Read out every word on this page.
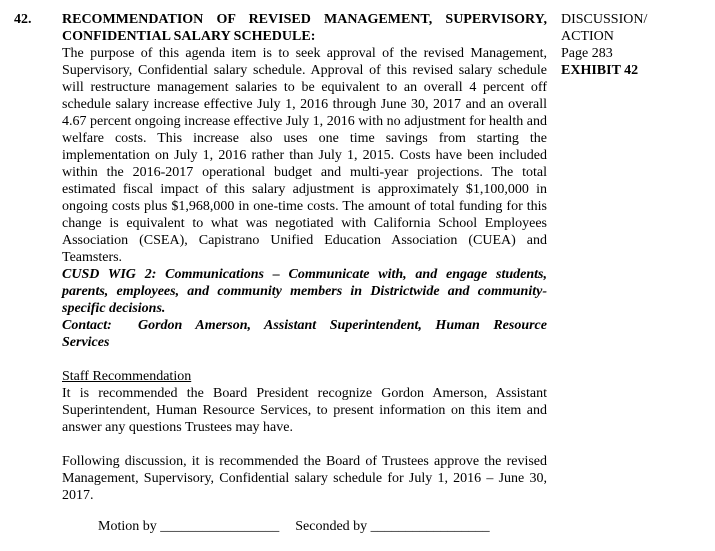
42. RECOMMENDATION OF REVISED MANAGEMENT, SUPERVISORY, CONFIDENTIAL SALARY SCHEDULE:

The purpose of this agenda item is to seek approval of the revised Management, Supervisory, Confidential salary schedule. Approval of this revised salary schedule will restructure management salaries to be equivalent to an overall 4 percent off schedule salary increase effective July 1, 2016 through June 30, 2017 and an overall 4.67 percent ongoing increase effective July 1, 2016 with no adjustment for health and welfare costs. This increase also uses one time savings from starting the implementation on July 1, 2016 rather than July 1, 2015. Costs have been included within the 2016-2017 operational budget and multi-year projections. The total estimated fiscal impact of this salary adjustment is approximately $1,100,000 in ongoing costs plus $1,968,000 in one-time costs. The amount of total funding for this change is equivalent to what was negotiated with California School Employees Association (CSEA), Capistrano Unified Education Association (CUEA) and Teamsters.

CUSD WIG 2: Communications – Communicate with, and engage students, parents, employees, and community members in Districtwide and community-specific decisions.

Contact: Gordon Amerson, Assistant Superintendent, Human Resource Services

Staff Recommendation

It is recommended the Board President recognize Gordon Amerson, Assistant Superintendent, Human Resource Services, to present information on this item and answer any questions Trustees may have.

Following discussion, it is recommended the Board of Trustees approve the revised Management, Supervisory, Confidential salary schedule for July 1, 2016 – June 30, 2017.

Motion by _________________ Seconded by _________________
DISCUSSION/
ACTION
Page 283
EXHIBIT 42
